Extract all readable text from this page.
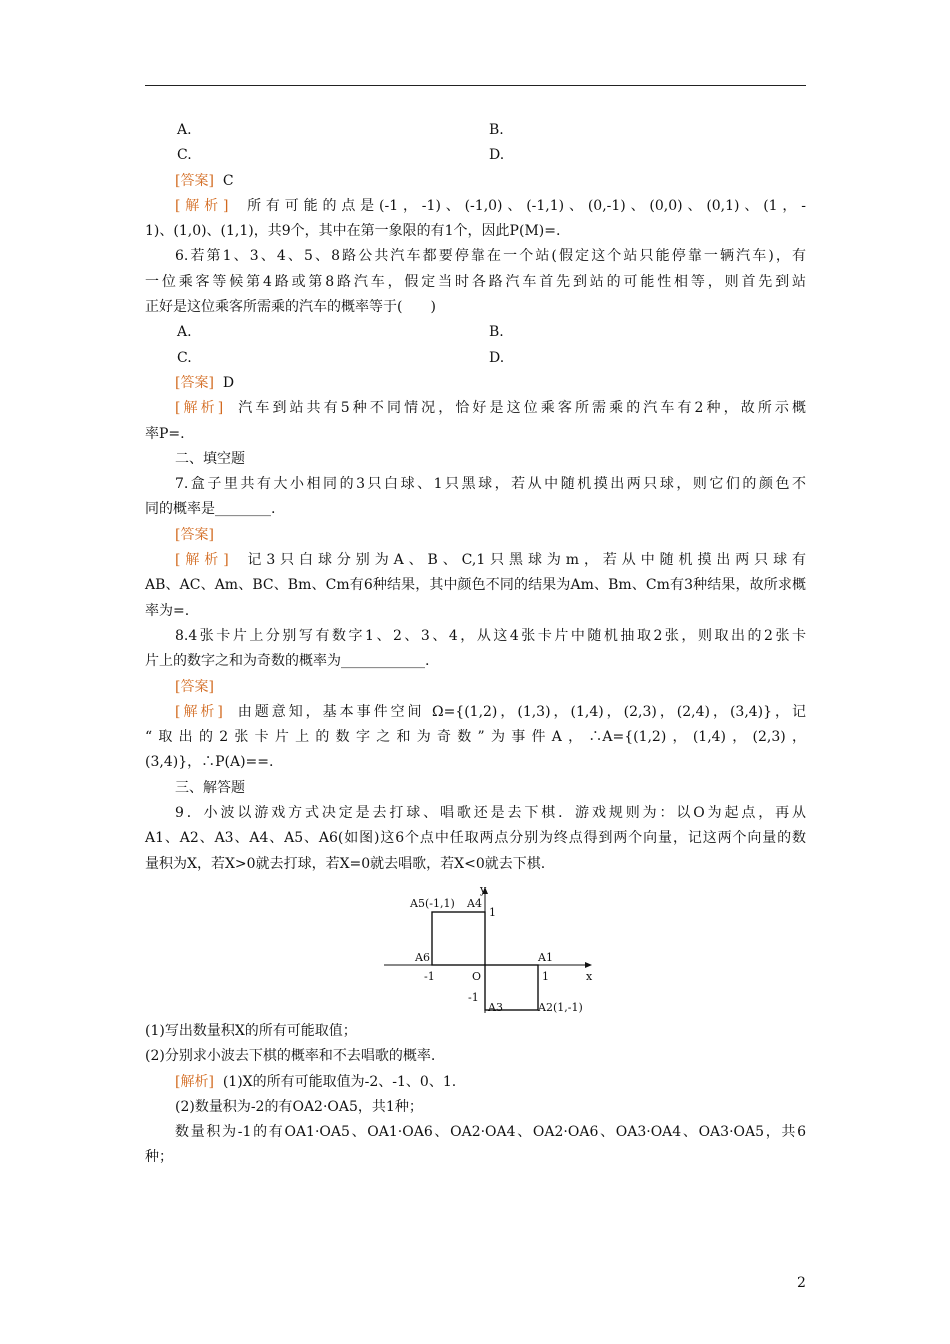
A.	B.
C.	D.
[答案] C
[解析] 所有可能的点是(-1，-1)、(-1,0)、(-1,1)、(0,-1)、(0,0)、(0,1)、(1，-
1)、(1,0)、(1,1)，共9个，其中在第一象限的有1个，因此P(M)=.
6.若第1、3、4、5、8路公共汽车都要停靠在一个站(假定这个站只能停靠一辆汽车)，有
一位乘客等候第4路或第8路汽车，假定当时各路汽车首先到站的可能性相等，则首先到站
正好是这位乘客所需乘的汽车的概率等于(　　)
A.	B.
C.	D.
[答案] D
[解析] 汽车到站共有5种不同情况，恰好是这位乘客所需乘的汽车有2种，故所示概
率P=.
二、填空题
7.盒子里共有大小相同的3只白球、1只黑球，若从中随机摸出两只球，则它们的颜色不
同的概率是________.
[答案]
[解析] 记3只白球分别为A、B、C,1只黑球为m，若从中随机摸出两只球有
AB、AC、Am、BC、Bm、Cm有6种结果，其中颜色不同的结果为Am、Bm、Cm有3种结果，故所求概
率为=.
8.4张卡片上分别写有数字1、2、3、4，从这4张卡片中随机抽取2张，则取出的2张卡
片上的数字之和为奇数的概率为____________.
[答案]
[解析] 由题意知，基本事件空间 Ω={(1,2)，(1,3)，(1,4)，(2,3)，(2,4)，(3,4)}，记
“取出的2张卡片上的数字之和为奇数”为事件A，∴A={(1,2)，(1,4)，(2,3)，
(3,4)}，∴P(A)==.
三、解答题
9．小波以游戏方式决定是去打球、唱歌还是去下棋．游戏规则为：以O为起点，再从
A1、A2、A3、A4、A5、A6(如图)这6个点中任取两点分别为终点得到两个向量，记这两个向量的数
量积为X，若X>0就去打球，若X=0就去唱歌，若X<0就去下棋.
y
x
O
A1
A2(1,-1)
A3
A4
A5(-1,1)
A6
1
-1
1
-1
(1)写出数量积X的所有可能取值；
(2)分别求小波去下棋的概率和不去唱歌的概率.
[解析] (1)X的所有可能取值为-2、-1、0、1.
(2)数量积为-2的有OA2·OA5，共1种；
数量积为-1的有OA1·OA5、OA1·OA6、OA2·OA4、OA2·OA6、OA3·OA4、OA3·OA5，共6
种；
2
